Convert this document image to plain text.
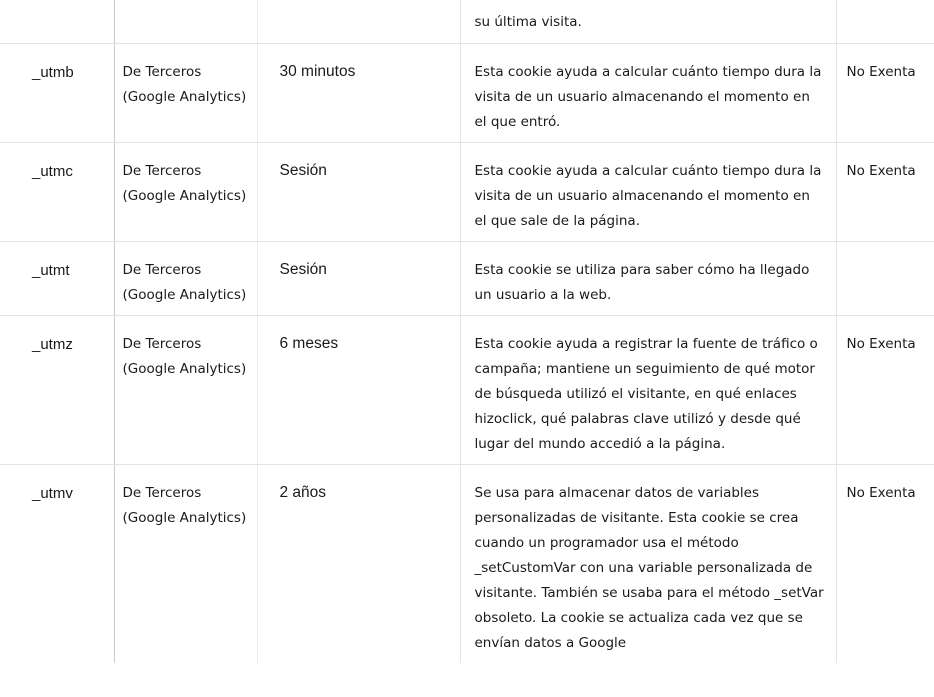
			su última visita.	

_utmb	De Terceros (Google Analytics)	30 minutos	Esta cookie ayuda a calcular cuánto tiempo dura la visita de un usuario almacenando el momento en el que entró.	No Exenta
_utmc	De Terceros (Google Analytics)	Sesión	Esta cookie ayuda a calcular cuánto tiempo dura la visita de un usuario almacenando el momento en el que sale de la página.	No Exenta
_utmt	De Terceros (Google Analytics)	Sesión	Esta cookie se utiliza para saber cómo ha llegado un usuario a la web.	

_utmz	De Terceros (Google Analytics)	6 meses	Esta cookie ayuda a registrar la fuente de tráfico o campaña; mantiene un seguimiento de qué motor de búsqueda utilizó el visitante, en qué enlaces hizoclick, qué palabras clave utilizó y desde qué lugar del mundo accedió a la página.	No Exenta
_utmv	De Terceros (Google Analytics)	2 años	Se usa para almacenar datos de variables personalizadas de visitante. Esta cookie se crea cuando un programador usa el método _setCustomVar con una variable personalizada de visitante. También se usaba para el método _setVar obsoleto. La cookie se actualiza cada vez que se envían datos a Google	No Exenta
